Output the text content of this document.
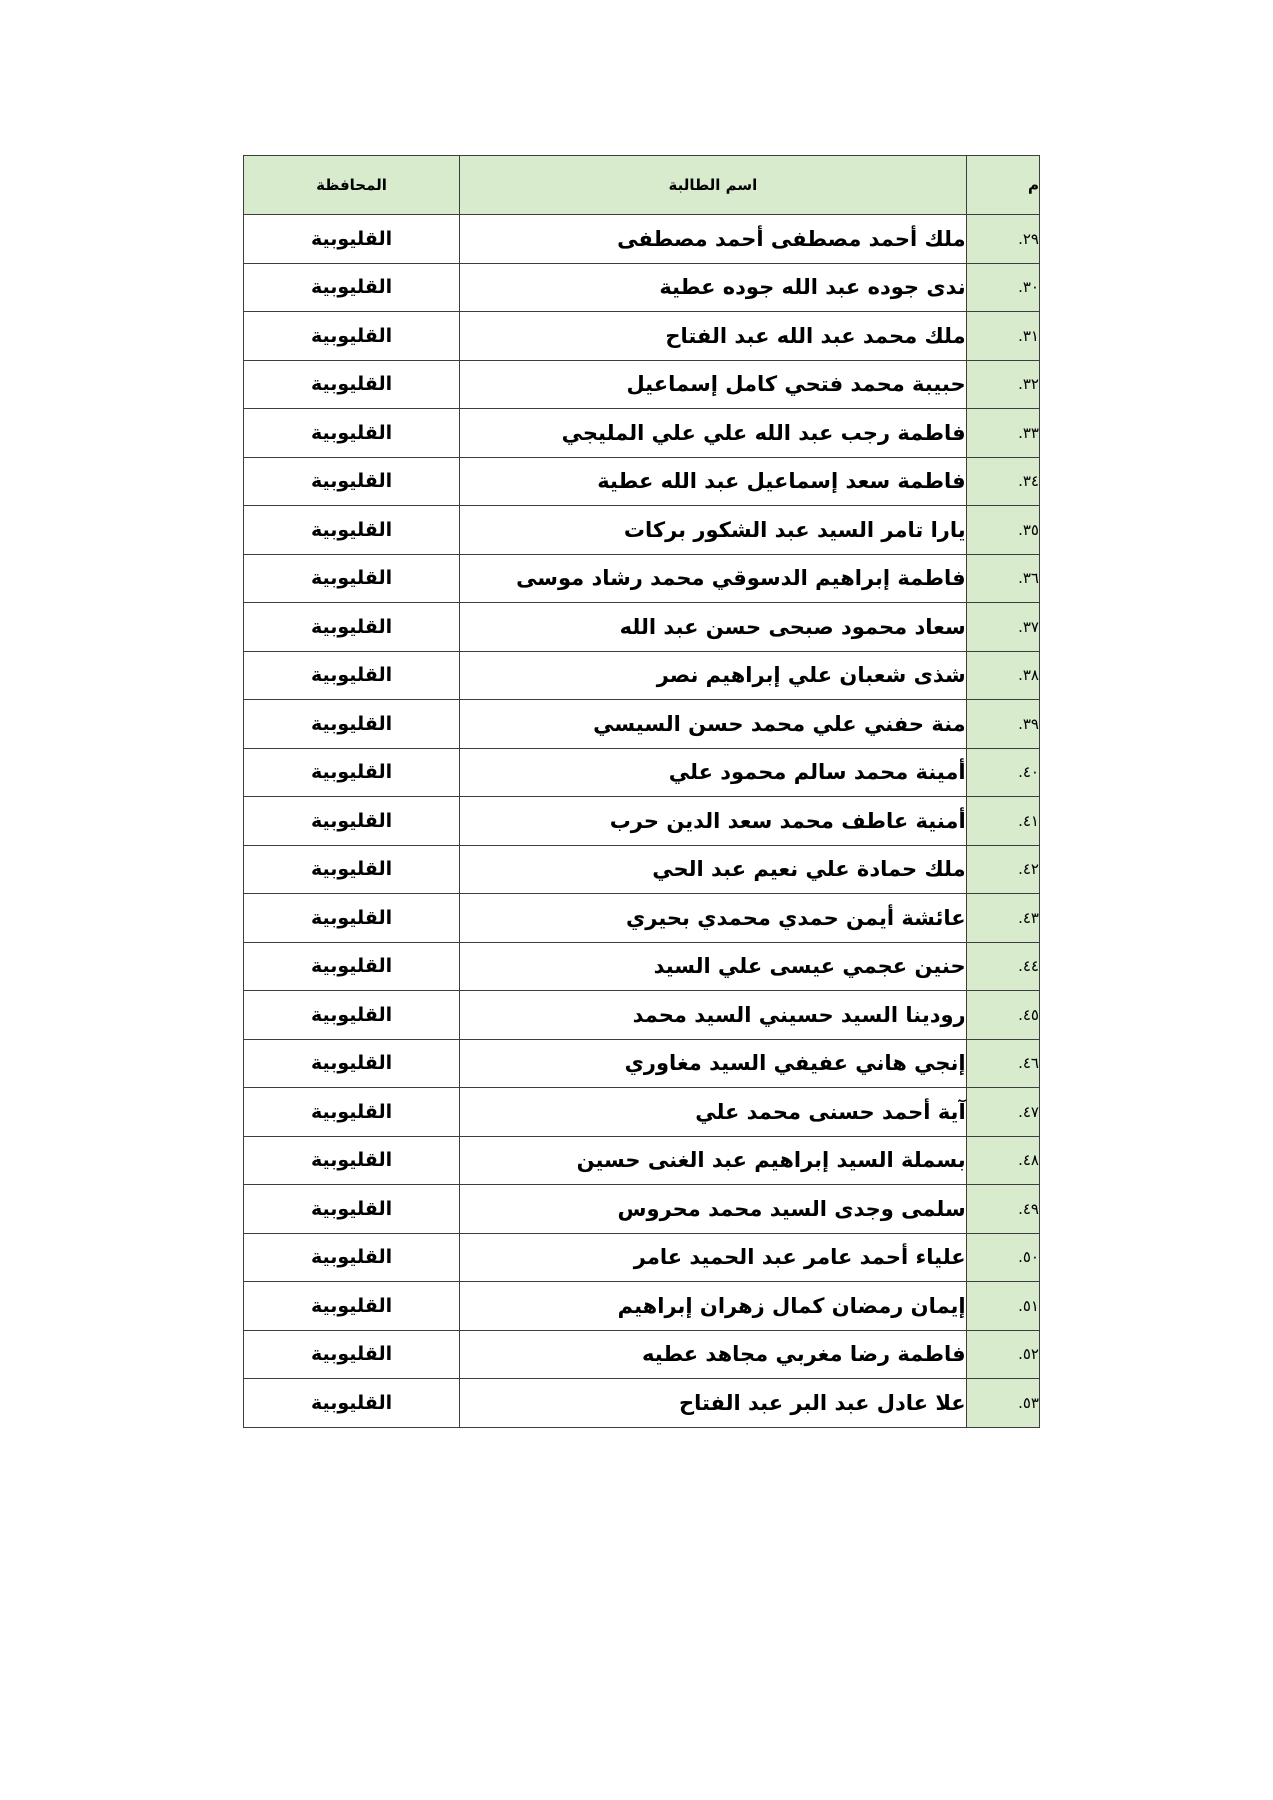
م	اسم الطالبة	المحافظة
٢٩.	ملك أحمد مصطفى أحمد مصطفى	القليوبية
٣٠.	ندى جوده عبد الله جوده عطية	القليوبية
٣١.	ملك محمد عبد الله عبد الفتاح	القليوبية
٣٢.	حبيبة محمد فتحي كامل إسماعيل	القليوبية
٣٣.	فاطمة رجب عبد الله علي علي المليجي	القليوبية
٣٤.	فاطمة سعد إسماعيل عبد الله عطية	القليوبية
٣٥.	يارا تامر السيد عبد الشكور بركات	القليوبية
٣٦.	فاطمة إبراهيم الدسوقي محمد رشاد موسى	القليوبية
٣٧.	سعاد محمود صبحى حسن عبد الله	القليوبية
٣٨.	شذى شعبان علي إبراهيم نصر	القليوبية
٣٩.	منة حفني علي محمد حسن السيسي	القليوبية
٤٠.	أمينة محمد سالم محمود علي	القليوبية
٤١.	أمنية عاطف محمد سعد الدين حرب	القليوبية
٤٢.	ملك حمادة علي نعيم عبد الحي	القليوبية
٤٣.	عائشة أيمن حمدي محمدي بحيري	القليوبية
٤٤.	حنين عجمي عيسى علي السيد	القليوبية
٤٥.	رودينا السيد حسيني السيد محمد	القليوبية
٤٦.	إنجي هاني عفيفي السيد مغاوري	القليوبية
٤٧.	آية أحمد حسنى محمد علي	القليوبية
٤٨.	بسملة السيد إبراهيم عبد الغنى حسين	القليوبية
٤٩.	سلمى وجدى السيد محمد محروس	القليوبية
٥٠.	علياء أحمد عامر عبد الحميد عامر	القليوبية
٥١.	إيمان رمضان كمال زهران إبراهيم	القليوبية
٥٢.	فاطمة رضا مغربي مجاهد عطيه	القليوبية
٥٣.	علا عادل عبد البر عبد الفتاح	القليوبية
